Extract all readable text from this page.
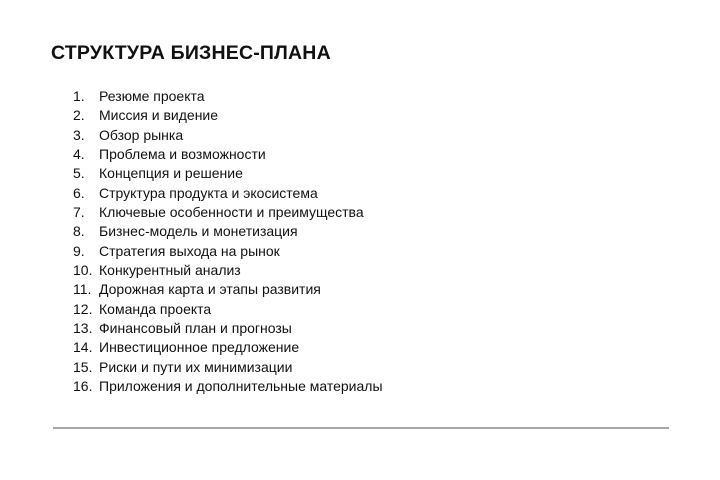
СТРУКТУРА БИЗНЕС-ПЛАНА
1.	Резюме проекта
2.	Миссия и видение
3.	Обзор рынка
4.	Проблема и возможности
5.	Концепция и решение
6.	Структура продукта и экосистема
7.	Ключевые особенности и преимущества
8.	Бизнес-модель и монетизация
9.	Стратегия выхода на рынок
10. Конкурентный анализ
11. Дорожная карта и этапы развития
12. Команда проекта
13. Финансовый план и прогнозы
14. Инвестиционное предложение
15. Риски и пути их минимизации
16. Приложения и дополнительные материалы
